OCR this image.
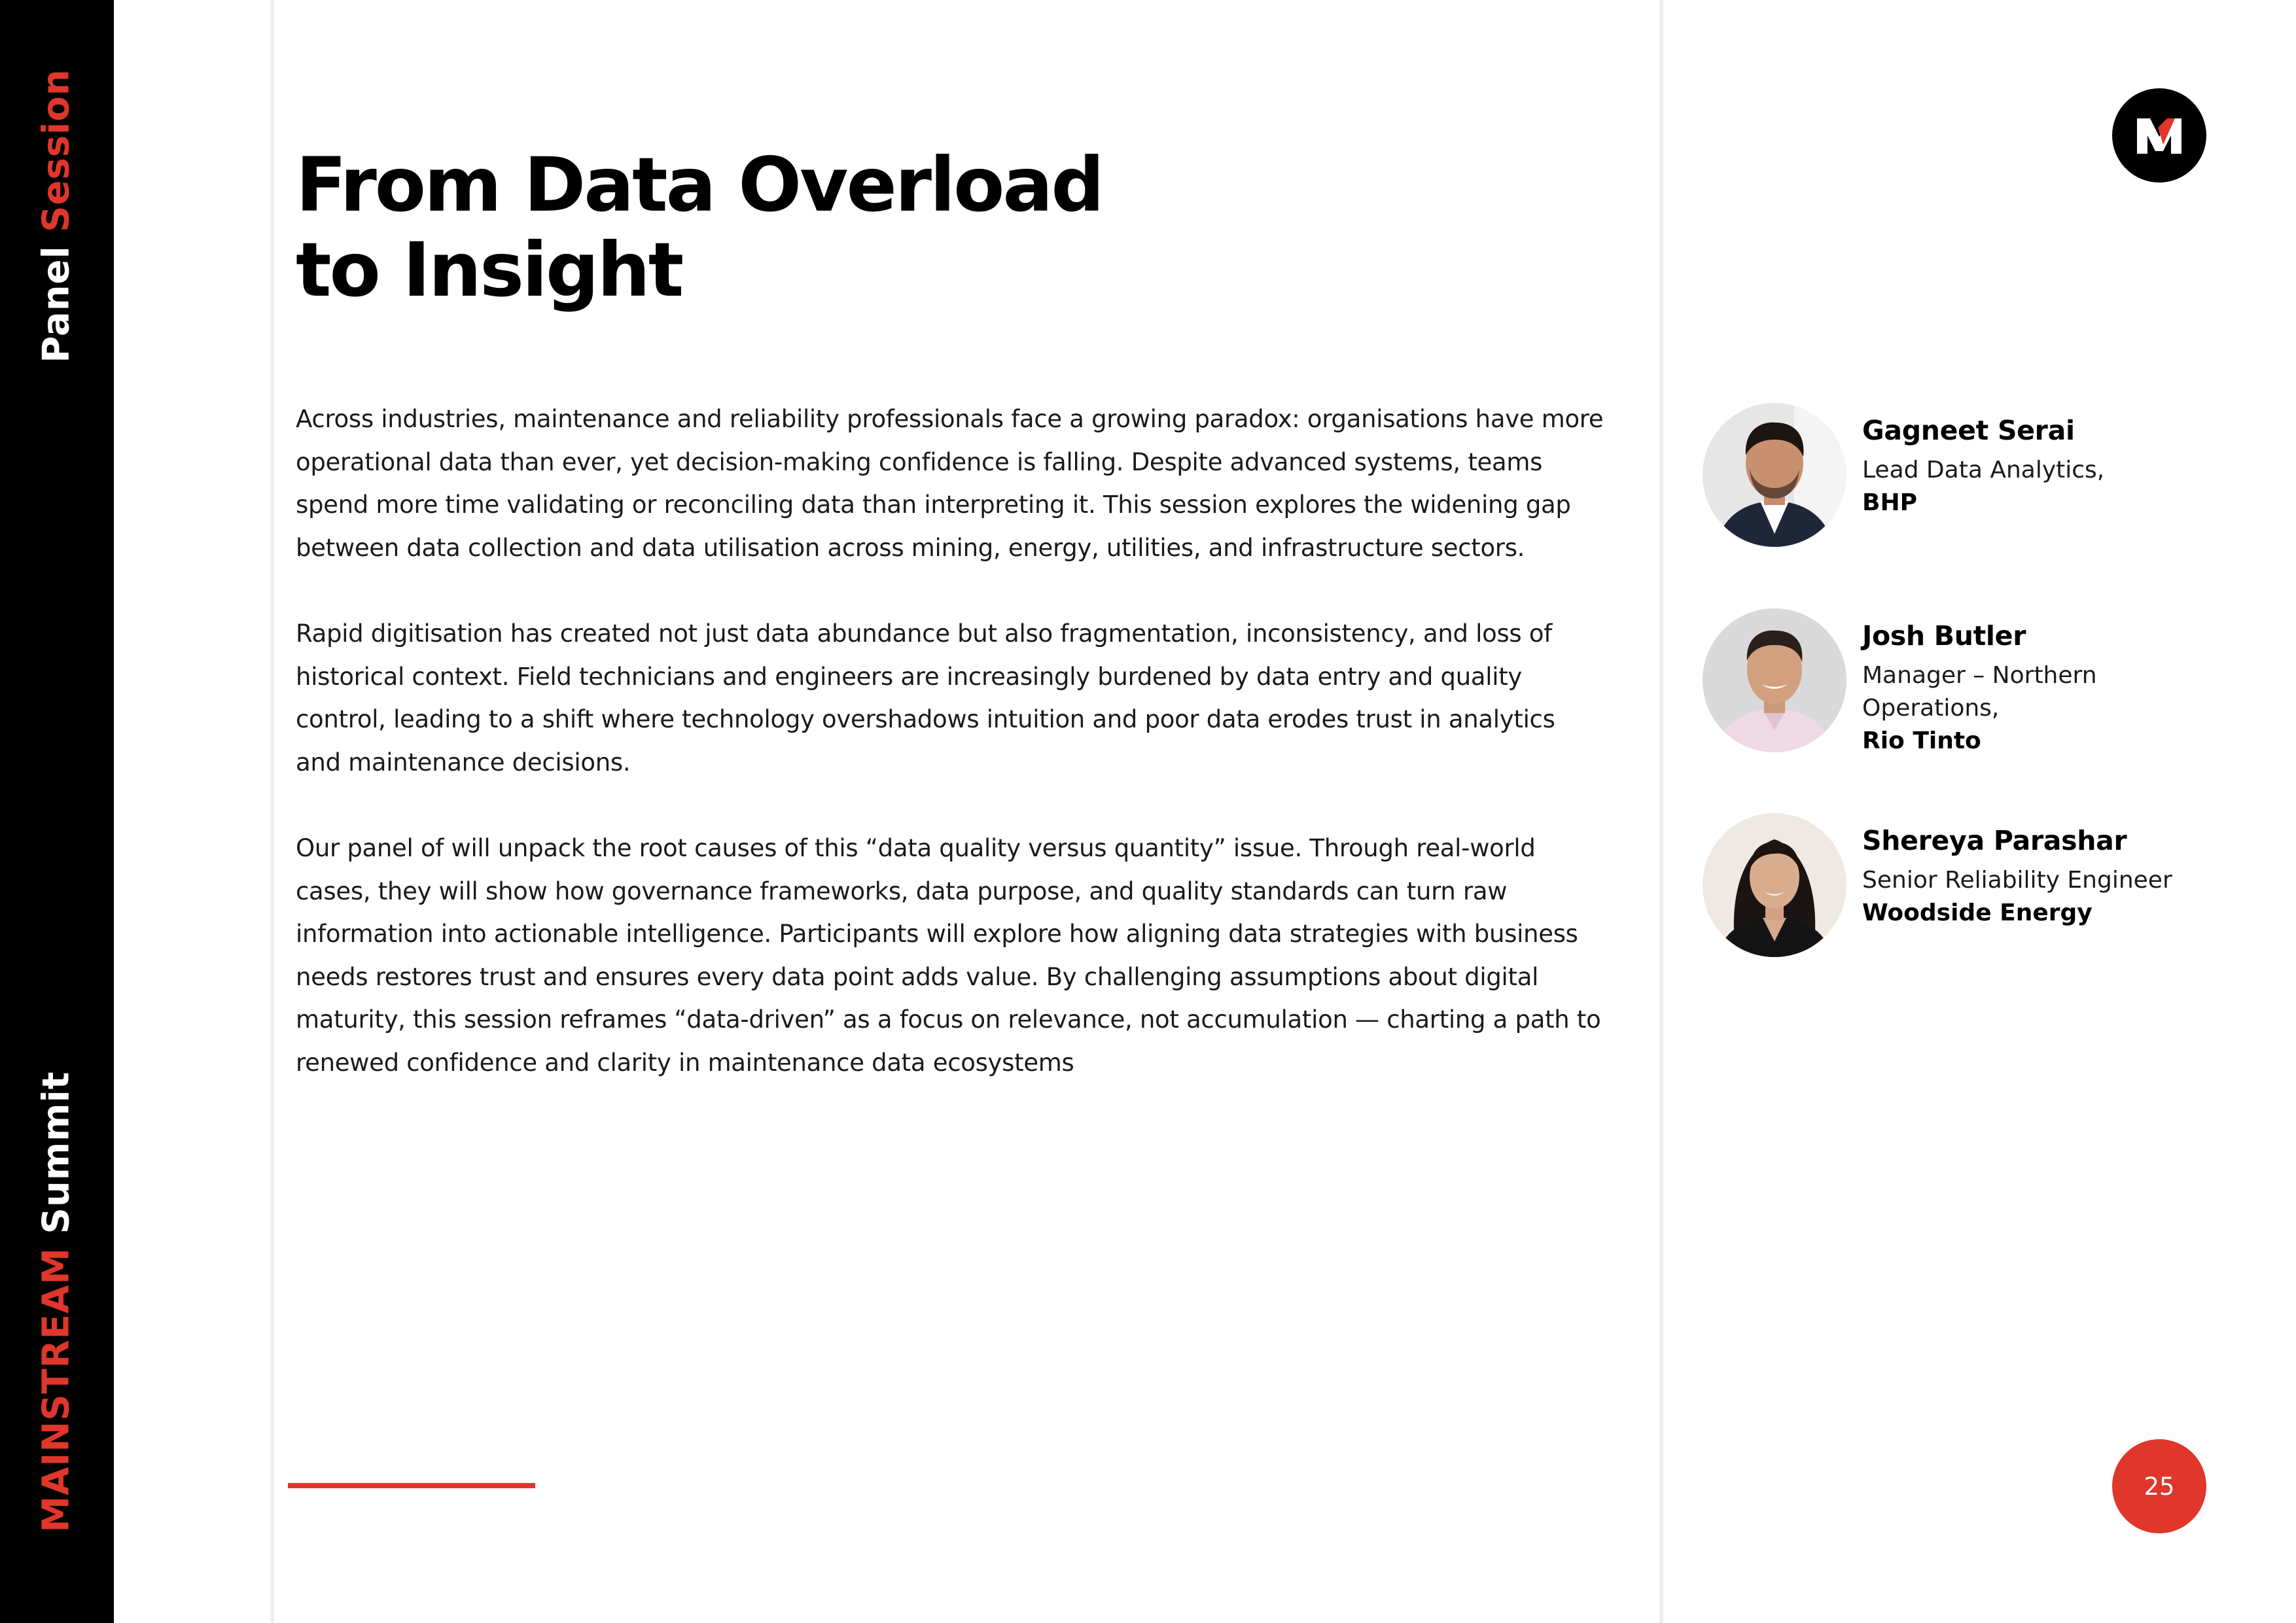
Panel Session
MAINSTREAM Summit
From Data Overload
to Insight

Across industries, maintenance and reliability professionals face a growing paradox: organisations have more operational data than ever, yet decision-making confidence is falling. Despite advanced systems, teams spend more time validating or reconciling data than interpreting it. This session explores the widening gap between data collection and data utilisation across mining, energy, utilities, and infrastructure sectors.

Rapid digitisation has created not just data abundance but also fragmentation, inconsistency, and loss of historical context. Field technicians and engineers are increasingly burdened by data entry and quality control, leading to a shift where technology overshadows intuition and poor data erodes trust in analytics and maintenance decisions.

Our panel of will unpack the root causes of this “data quality versus quantity” issue. Through real-world cases, they will show how governance frameworks, data purpose, and quality standards can turn raw information into actionable intelligence. Participants will explore how aligning data strategies with business needs restores trust and ensures every data point adds value. By challenging assumptions about digital maturity, this session reframes “data-driven” as a focus on relevance, not accumulation — charting a path to renewed confidence and clarity in maintenance data ecosystems

Gagneet Serai
Lead Data Analytics,
BHP
Josh Butler
Manager – Northern Operations,
Rio Tinto
Shereya Parashar
Senior Reliability Engineer
Woodside Energy
25
